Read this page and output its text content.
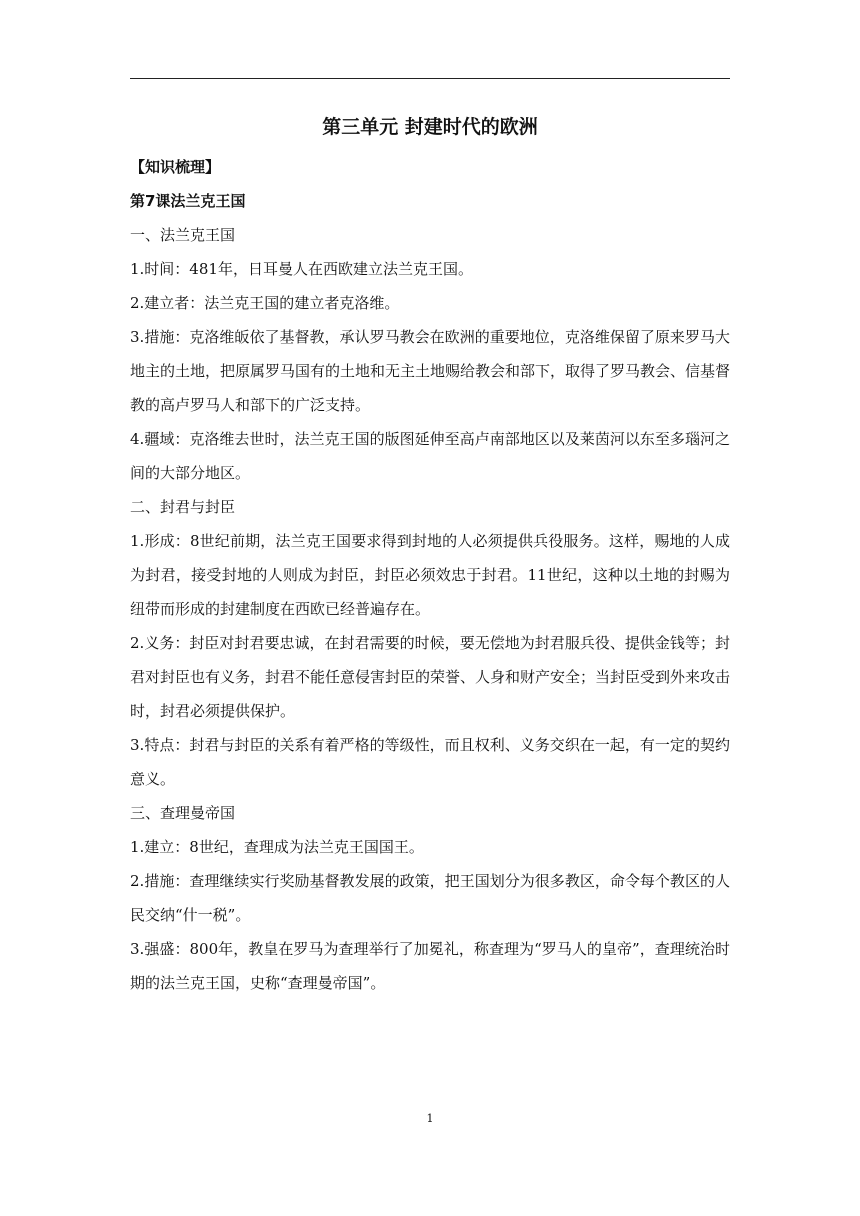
第三单元 封建时代的欧洲

【知识梳理】

第7课法兰克王国

一、法兰克王国

1.时间：481年，日耳曼人在西欧建立法兰克王国。

2.建立者：法兰克王国的建立者克洛维。

3.措施：克洛维皈依了基督教，承认罗马教会在欧洲的重要地位，克洛维保留了原来罗马大地主的土地，把原属罗马国有的土地和无主土地赐给教会和部下，取得了罗马教会、信基督教的高卢罗马人和部下的广泛支持。

4.疆域：克洛维去世时，法兰克王国的版图延伸至高卢南部地区以及莱茵河以东至多瑙河之间的大部分地区。

二、封君与封臣

1.形成：8世纪前期，法兰克王国要求得到封地的人必须提供兵役服务。这样，赐地的人成为封君，接受封地的人则成为封臣，封臣必须效忠于封君。11世纪，这种以土地的封赐为纽带而形成的封建制度在西欧已经普遍存在。

2.义务：封臣对封君要忠诚，在封君需要的时候，要无偿地为封君服兵役、提供金钱等；封君对封臣也有义务，封君不能任意侵害封臣的荣誉、人身和财产安全；当封臣受到外来攻击时，封君必须提供保护。

3.特点：封君与封臣的关系有着严格的等级性，而且权利、义务交织在一起，有一定的契约意义。

三、查理曼帝国

1.建立：8世纪，查理成为法兰克王国国王。

2.措施：查理继续实行奖励基督教发展的政策，把王国划分为很多教区，命令每个教区的人民交纳“什一税”。

3.强盛：800年，教皇在罗马为查理举行了加冕礼，称查理为“罗马人的皇帝”，查理统治时期的法兰克王国，史称“查理曼帝国”。

1
